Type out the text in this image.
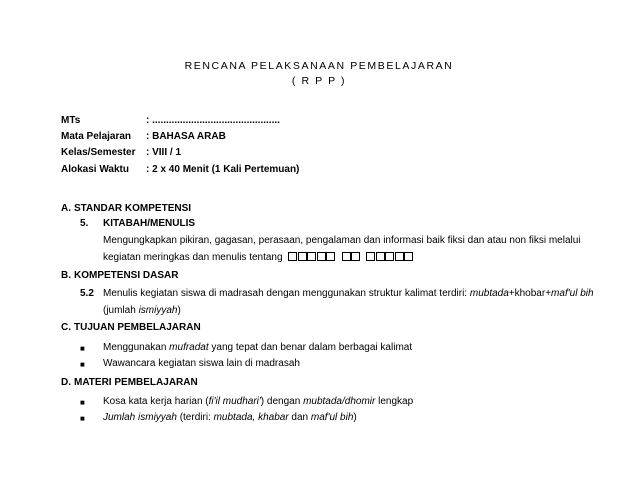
RENCANA PELAKSANAAN PEMBELAJARAN
( R P P )
MTs	: ..............................................
Mata Pelajaran : BAHASA ARAB
Kelas/Semester : VIII / 1
Alokasi Waktu : 2 x 40 Menit (1 Kali Pertemuan)
A. STANDAR KOMPETENSI
5. KITABAH/MENULIS
Mengungkapkan pikiran, gagasan, perasaan, pengalaman dan informasi baik fiksi dan atau non fiksi melalui
kegiatan meringkas dan menulis tentang
B. KOMPETENSI DASAR
5.2 Menulis kegiatan siswa di madrasah dengan menggunakan struktur kalimat terdiri: mubtada+khobar+maf'ul bih
(jumlah ismiyyah)
C. TUJUAN PEMBELAJARAN
■ Menggunakan mufradat yang tepat dan benar dalam berbagai kalimat
■ Wawancara kegiatan siswa lain di madrasah
D. MATERI PEMBELAJARAN
■ Kosa kata kerja harian (fi'il mudhari') dengan mubtada/dhomir lengkap
■ Jumlah ismiyyah (terdiri: mubtada, khabar dan maf'ul bih)
